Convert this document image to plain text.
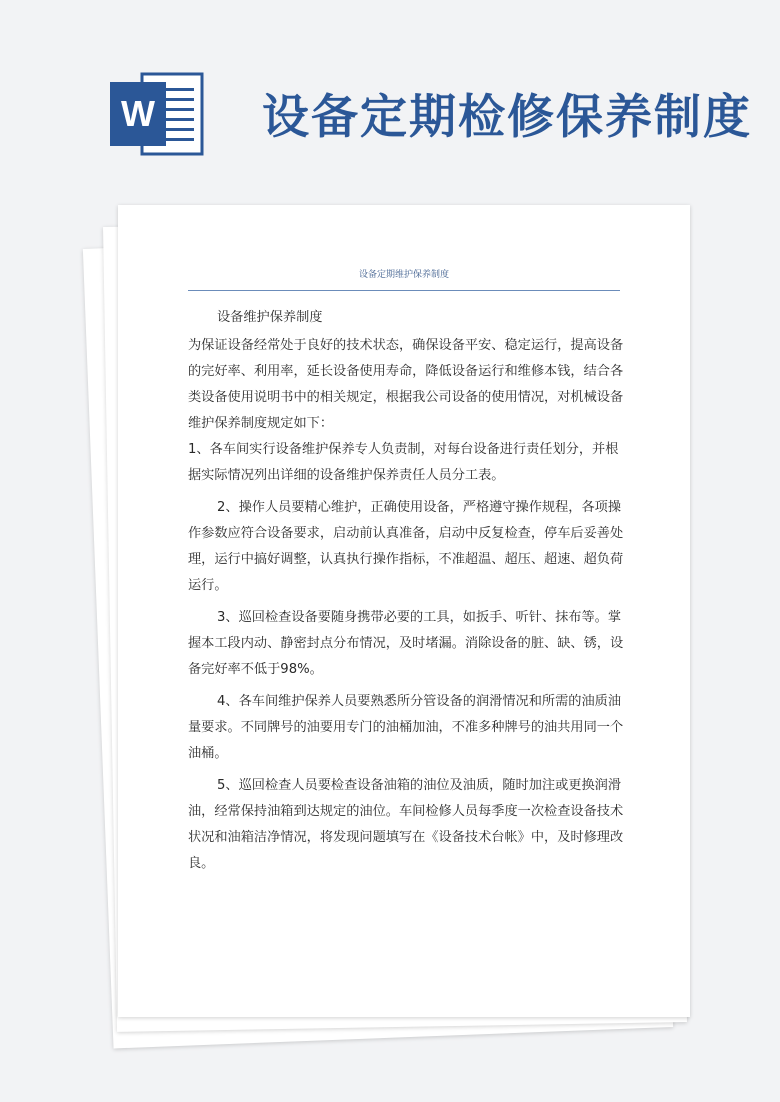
W 设备定期检修保养制度
设备定期维护保养制度

设备维护保养制度

为保证设备经常处于良好的技术状态，确保设备平安、稳定运行，提高设备的完好率、利用率，延长设备使用寿命，降低设备运行和维修本钱，结合各类设备使用说明书中的相关规定，根据我公司设备的使用情况，对机械设备维护保养制度规定如下：

1、各车间实行设备维护保养专人负责制，对每台设备进行责任划分，并根据实际情况列出详细的设备维护保养责任人员分工表。

2、操作人员要精心维护，正确使用设备，严格遵守操作规程，各项操作参数应符合设备要求，启动前认真准备，启动中反复检查，停车后妥善处理，运行中搞好调整，认真执行操作指标，不准超温、超压、超速、超负荷运行。

3、巡回检查设备要随身携带必要的工具，如扳手、听针、抹布等。掌握本工段内动、静密封点分布情况，及时堵漏。消除设备的脏、缺、锈，设备完好率不低于98%。

4、各车间维护保养人员要熟悉所分管设备的润滑情况和所需的油质油量要求。不同牌号的油要用专门的油桶加油，不准多种牌号的油共用同一个油桶。

5、巡回检查人员要检查设备油箱的油位及油质，随时加注或更换润滑油，经常保持油箱到达规定的油位。车间检修人员每季度一次检查设备技术状况和油箱洁净情况，将发现问题填写在《设备技术台帐》中，及时修理改良。
